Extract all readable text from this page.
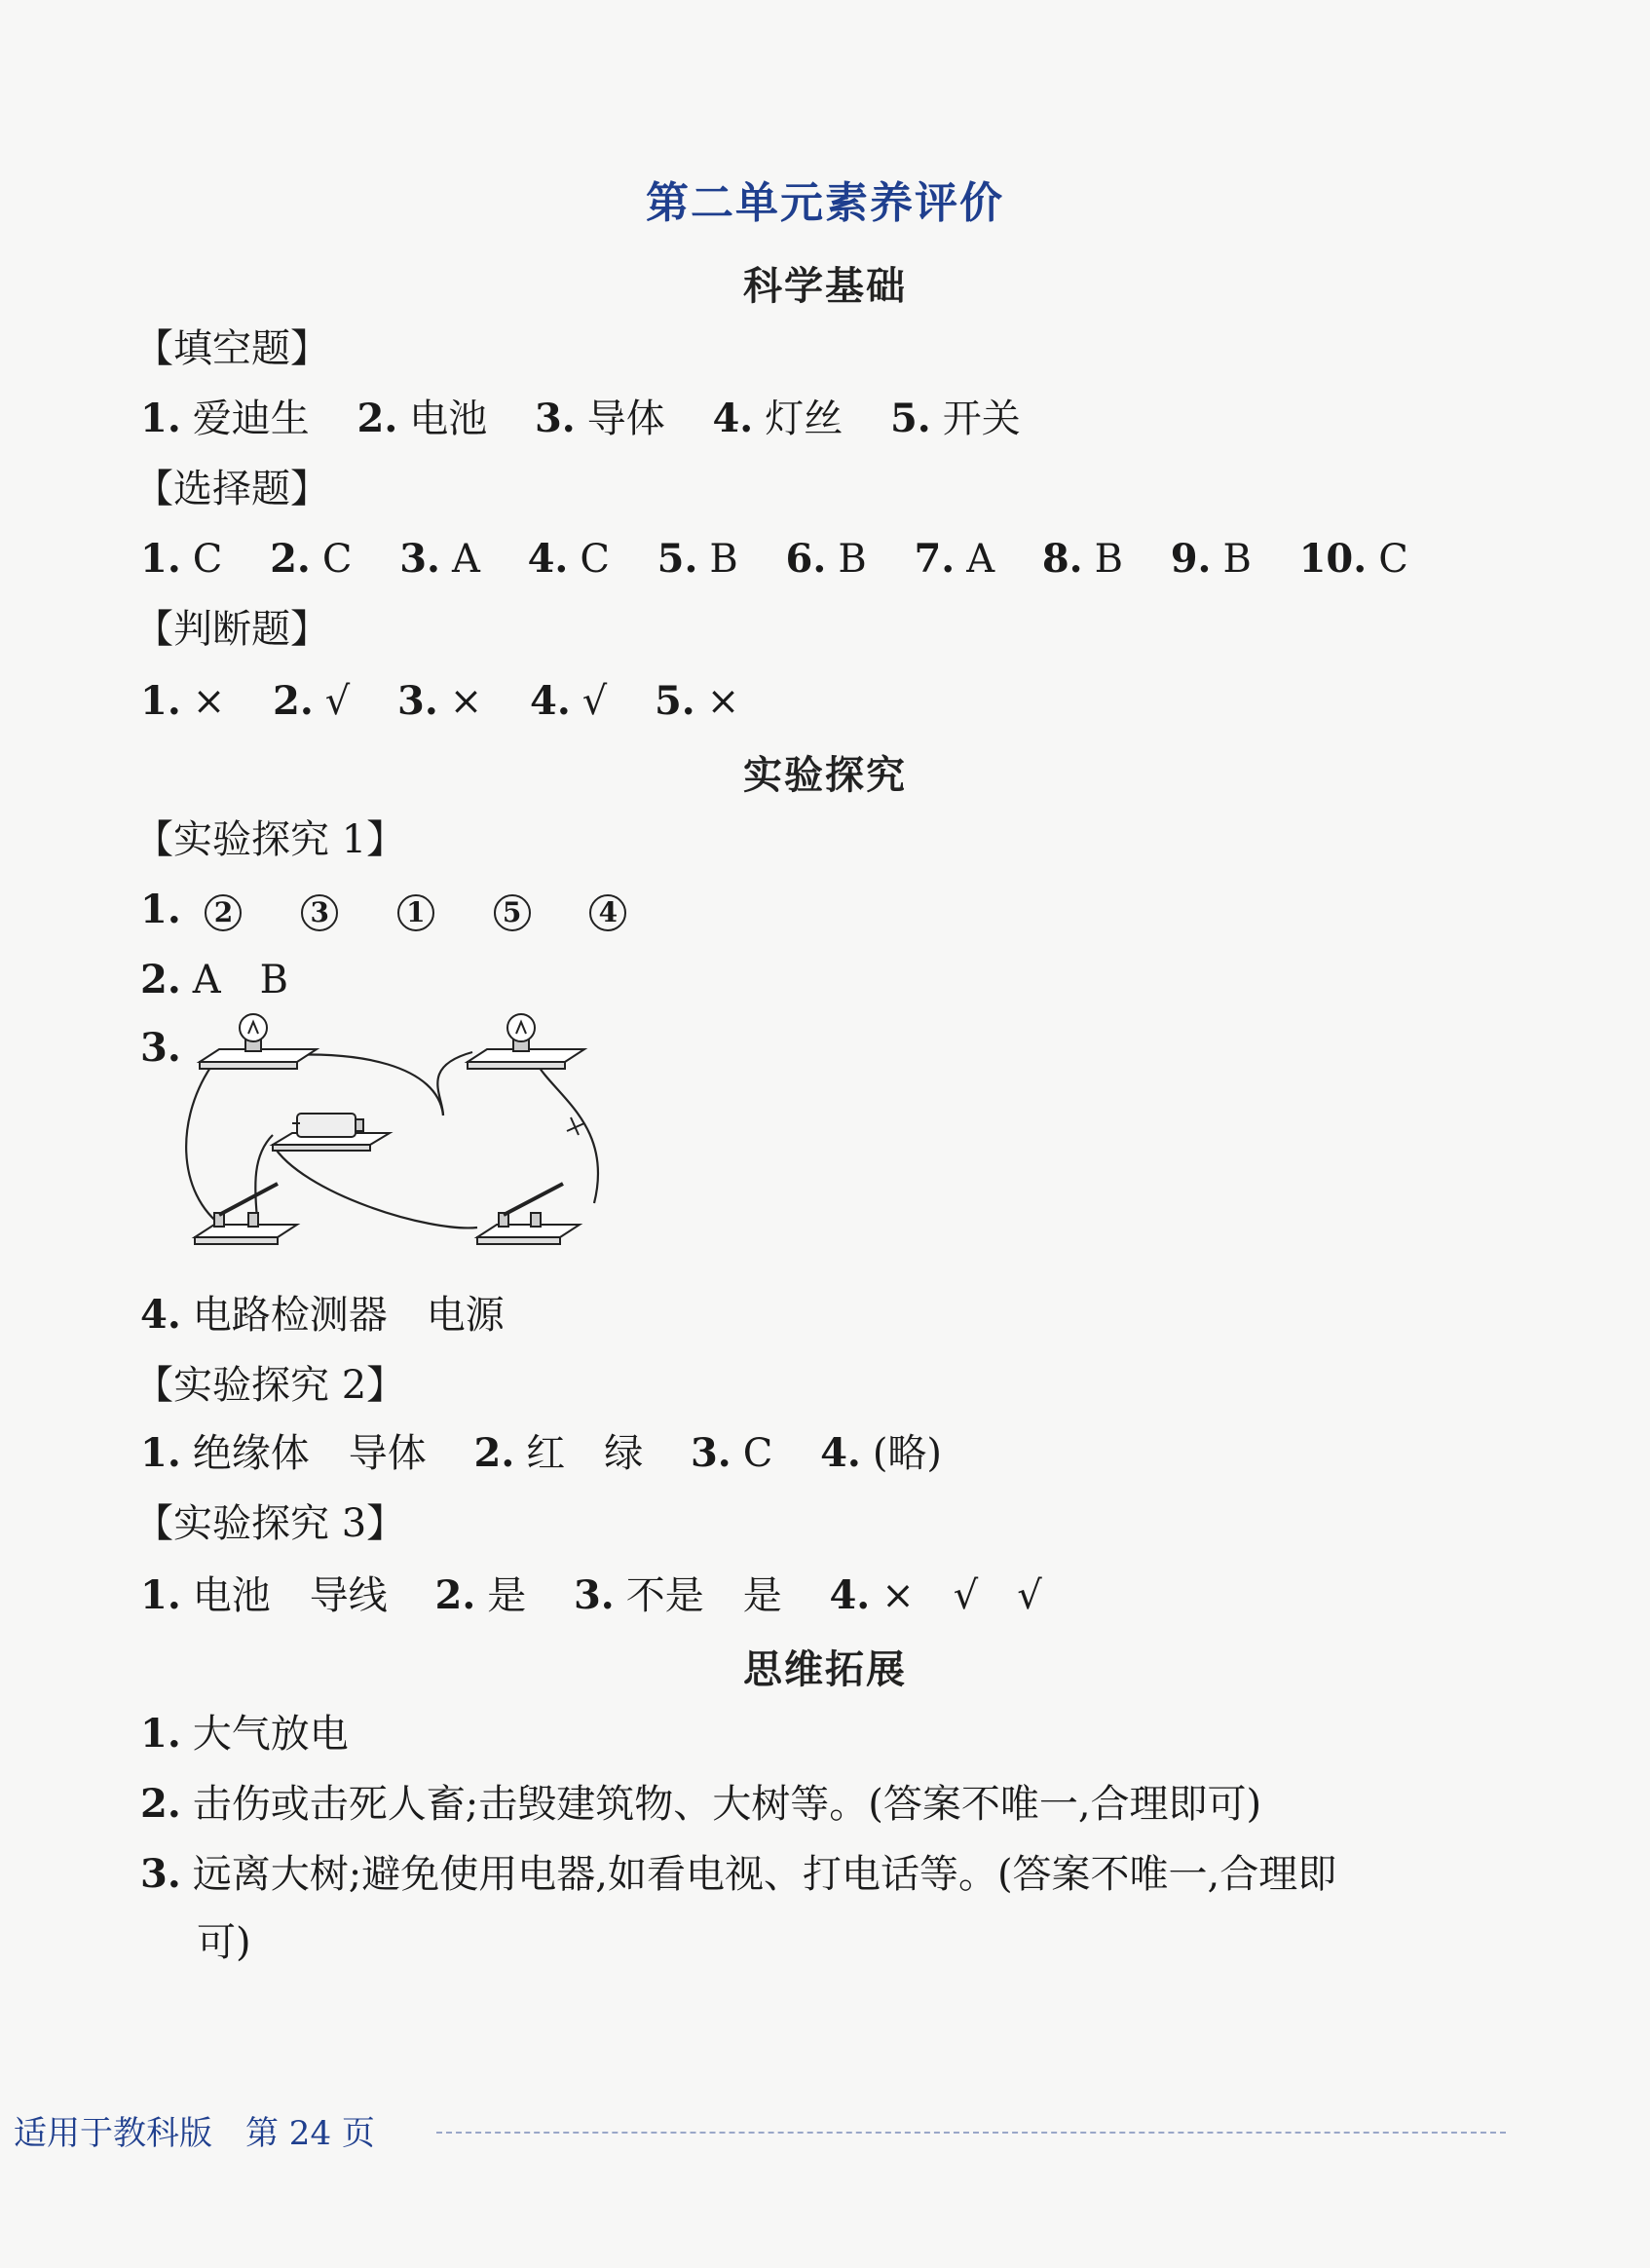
第二单元素养评价
科学基础
【填空题】
1. 爱迪生 2. 电池 3. 导体 4. 灯丝 5. 开关
【选择题】
1. C 2. C 3. A 4. C 5. B 6. B 7. A 8. B 9. B 10. C
【判断题】
1. × 2. √ 3. × 4. √ 5. ×
实验探究
【实验探究 1】
1. 2	3	1	5	4
2. A　B
3.
4. 电路检测器　电源
【实验探究 2】
1. 绝缘体　导体 2. 红　绿 3. C 4. (略)
【实验探究 3】
1. 电池　导线 2. 是 3. 不是　是 4. ×　√　√
思维拓展
1. 大气放电
2. 击伤或击死人畜;击毁建筑物、大树等。(答案不唯一,合理即可)
3. 远离大树;避免使用电器,如看电视、打电话等。(答案不唯一,合理即
可)
适用于教科版　第 24 页
